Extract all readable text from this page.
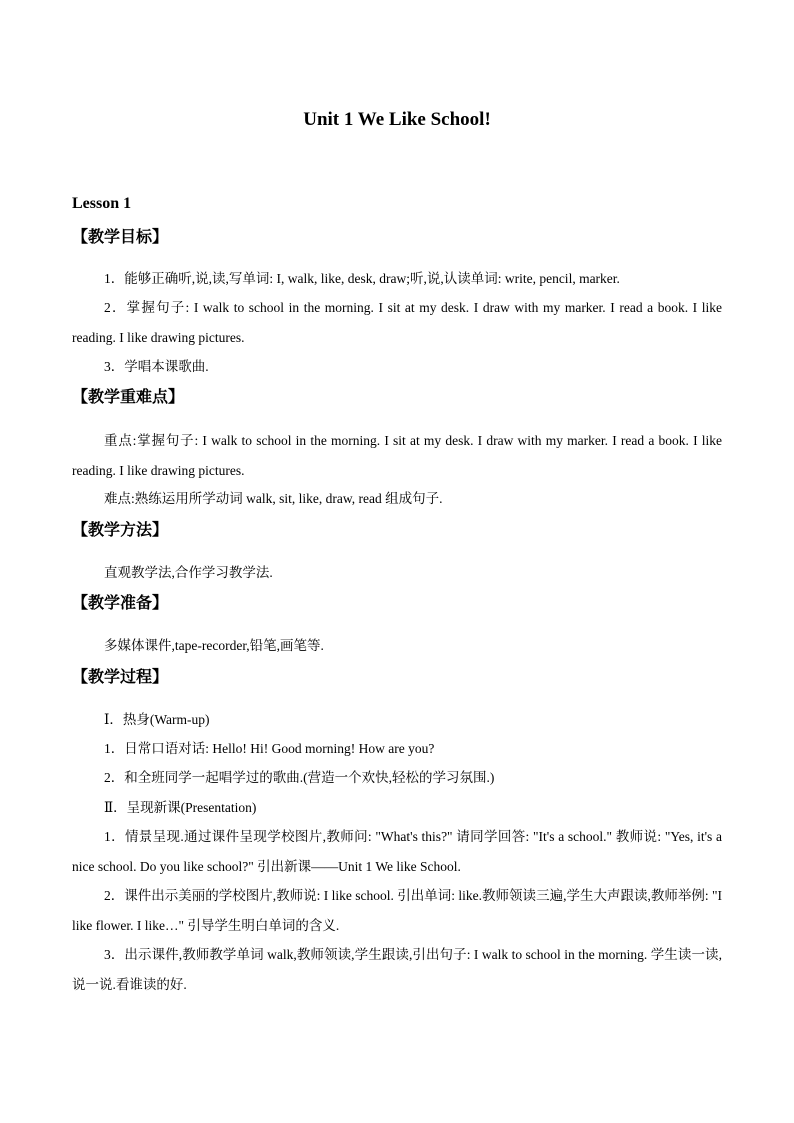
Unit 1 We Like School!
Lesson 1
【教学目标】
1．能够正确听,说,读,写单词: I, walk, like, desk, draw;听,说,认读单词: write, pencil, marker.
2．掌握句子: I walk to school in the morning. I sit at my desk. I draw with my marker. I read a book. I like reading. I like drawing pictures.
3．学唱本课歌曲.
【教学重难点】
重点:掌握句子: I walk to school in the morning. I sit at my desk. I draw with my marker. I read a book. I like reading. I like drawing pictures.
难点:熟练运用所学动词 walk, sit, like, draw, read 组成句子.
【教学方法】
直观教学法,合作学习教学法.
【教学准备】
多媒体课件,tape-recorder,铅笔,画笔等.
【教学过程】
Ⅰ．热身(Warm-up)
1．日常口语对话: Hello! Hi! Good morning! How are you?
2．和全班同学一起唱学过的歌曲.(营造一个欢快,轻松的学习氛围.)
Ⅱ．呈现新课(Presentation)
1．情景呈现.通过课件呈现学校图片,教师问: "What's this?" 请同学回答: "It's a school." 教师说: "Yes, it's a nice school. Do you like school?" 引出新课——Unit 1 We like School.
2．课件出示美丽的学校图片,教师说: I like school. 引出单词: like.教师领读三遍,学生大声跟读,教师举例: "I like flower. I like…" 引导学生明白单词的含义.
3．出示课件,教师教学单词 walk,教师领读,学生跟读,引出句子: I walk to school in the morning. 学生读一读,说一说.看谁读的好.
